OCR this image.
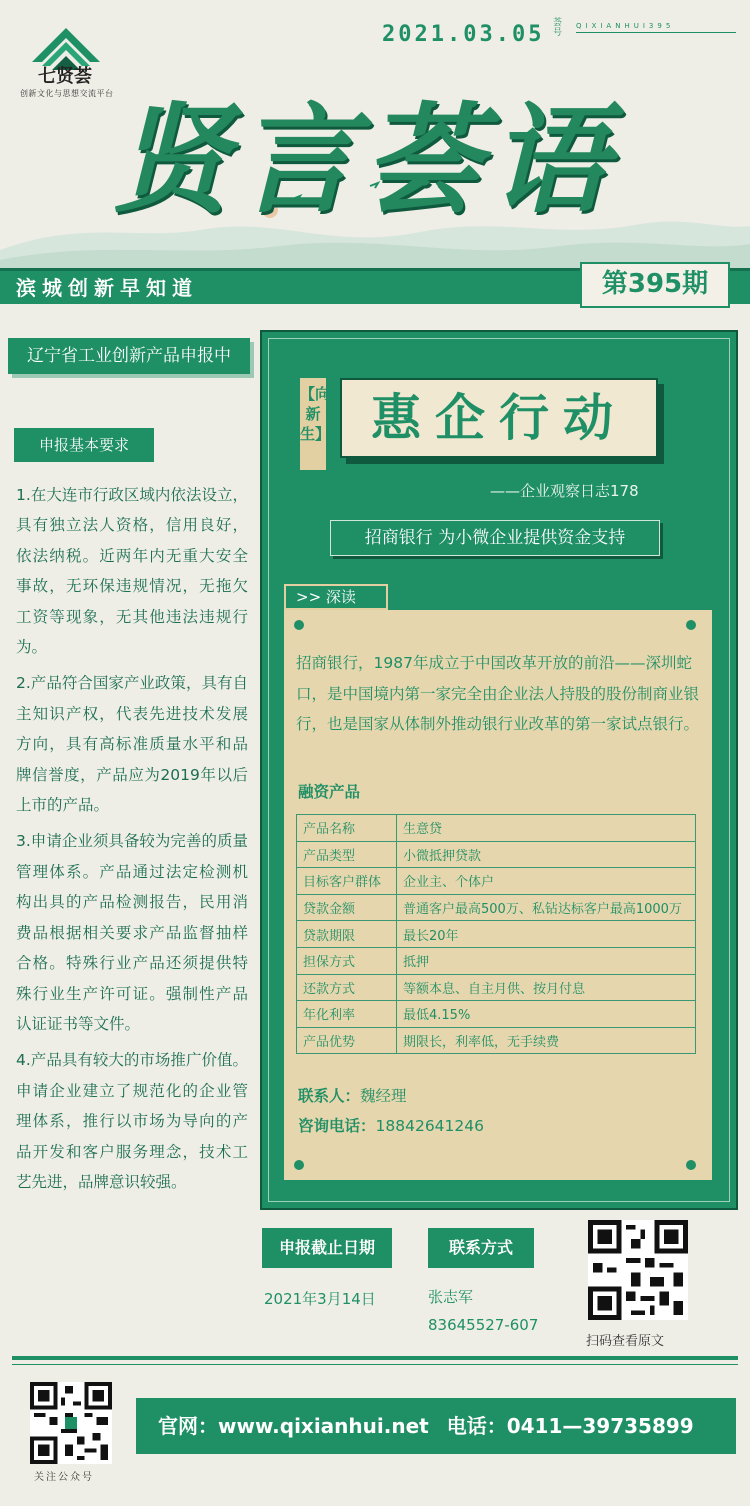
七贤荟
创新文化与思想交流平台
2021.03.05 荟号
QIXIANHUI395
贤言荟语
滨城创新早知道	第395期
辽宁省工业创新产品申报中
申报基本要求

1.在大连市行政区域内依法设立，具有独立法人资格，信用良好，依法纳税。近两年内无重大安全事故，无环保违规情况，无拖欠工资等现象，无其他违法违规行为。

2.产品符合国家产业政策，具有自主知识产权，代表先进技术发展方向，具有高标准质量水平和品牌信誉度，产品应为2019年以后上市的产品。

3.申请企业须具备较为完善的质量管理体系。产品通过法定检测机构出具的产品检测报告，民用消费品根据相关要求产品监督抽样合格。特殊行业产品还须提供特殊行业生产许可证。强制性产品认证证书等文件。

4.产品具有较大的市场推广价值。申请企业建立了规范化的企业管理体系，推行以市场为导向的产品开发和客户服务理念，技术工艺先进，品牌意识较强。

【向新生】 惠企行动
——企业观察日志178
招商银行 为小微企业提供资金支持
>> 深读
招商银行，1987年成立于中国改革开放的前沿——深圳蛇口，是中国境内第一家完全由企业法人持股的股份制商业银行，也是国家从体制外推动银行业改革的第一家试点银行。
融资产品
产品名称	生意贷
产品类型	小微抵押贷款
目标客户群体	企业主、个体户
贷款金额	普通客户最高500万、私钻达标客户最高1000万
贷款期限	最长20年
担保方式	抵押
还款方式	等额本息、自主月供、按月付息
年化利率	最低4.15%
产品优势	期限长，利率低，无手续费
联系人：魏经理
咨询电话：18842641246
申报截止日期	联系方式
2021年3月14日	张志军
83645527-607
扫码查看原文
关注公众号
官网：www.qixianhui.net 电话：0411—39735899
